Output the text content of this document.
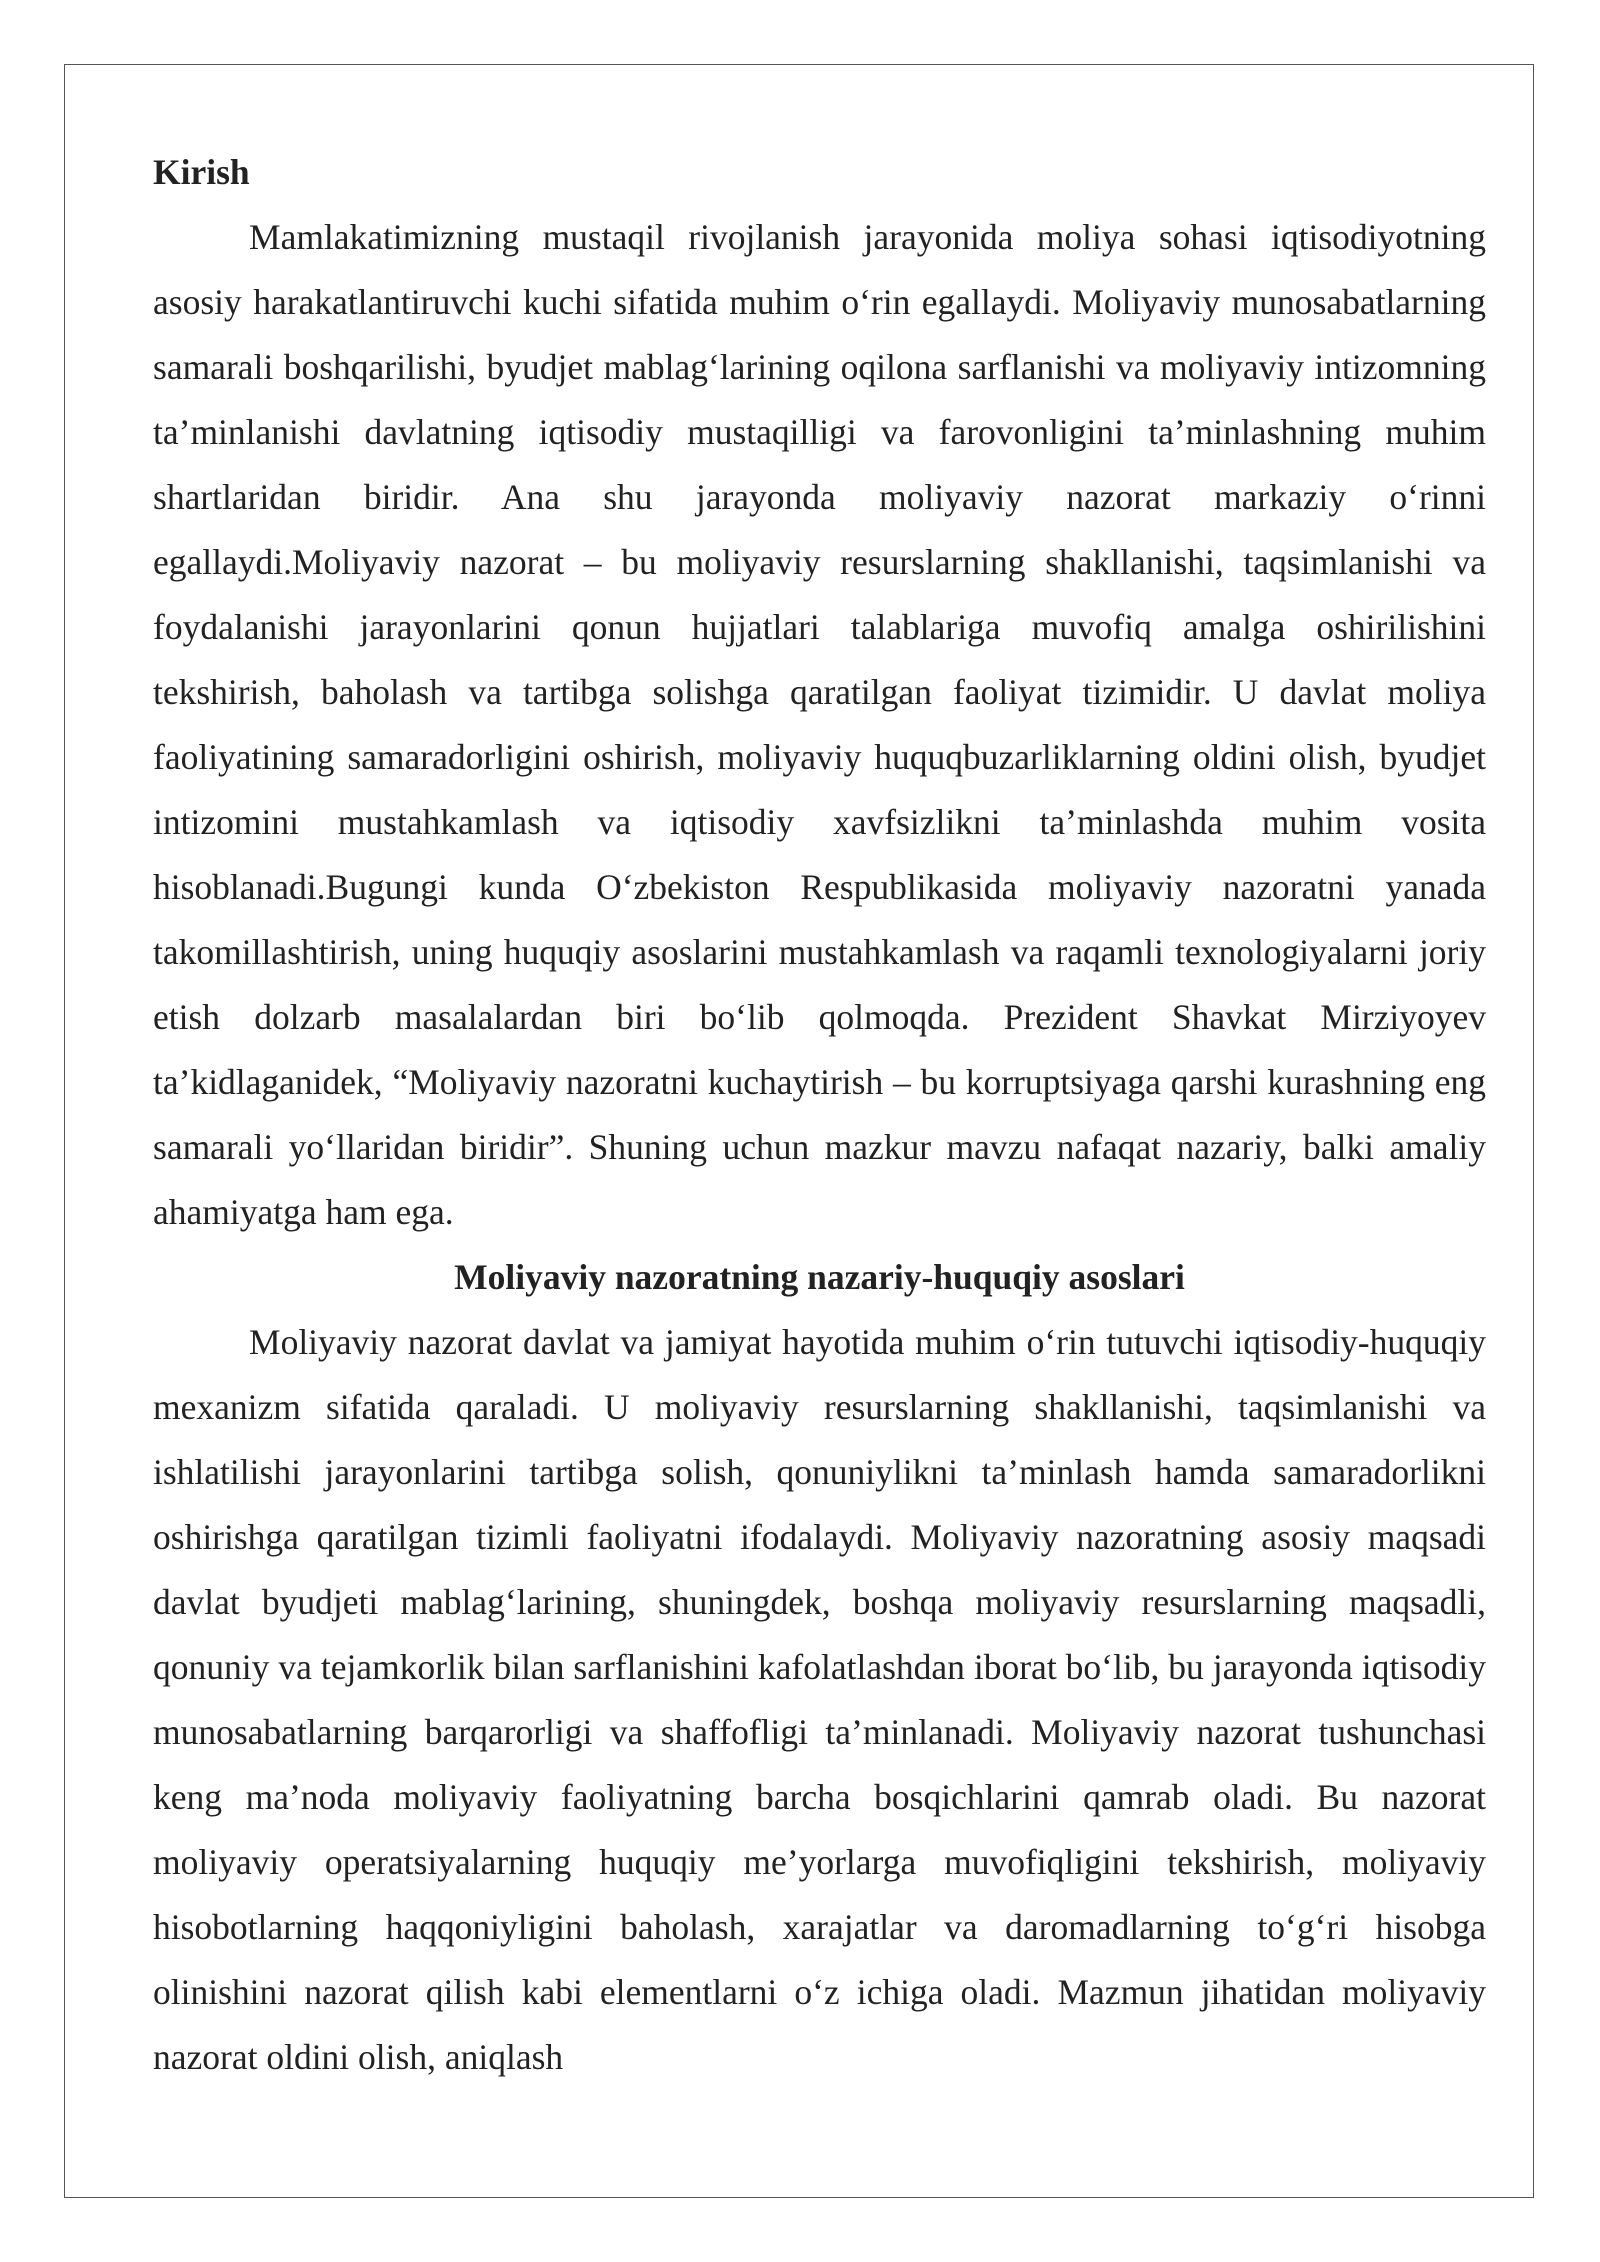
Kirish

Mamlakatimizning mustaqil rivojlanish jarayonida moliya sohasi iqtisodiyotning asosiy harakatlantiruvchi kuchi sifatida muhim o‘rin egallaydi. Moliyaviy munosabatlarning samarali boshqarilishi, byudjet mablag‘larining oqilona sarflanishi va moliyaviy intizomning ta’minlanishi davlatning iqtisodiy mustaqilligi va farovonligini ta’minlashning muhim shartlaridan biridir. Ana shu jarayonda moliyaviy nazorat markaziy o‘rinni egallaydi.Moliyaviy nazorat – bu moliyaviy resurslarning shakllanishi, taqsimlanishi va foydalanishi jarayonlarini qonun hujjatlari talablariga muvofiq amalga oshirilishini tekshirish, baholash va tartibga solishga qaratilgan faoliyat tizimidir. U davlat moliya faoliyatining samaradorligini oshirish, moliyaviy huquqbuzarliklarning oldini olish, byudjet intizomini mustahkamlash va iqtisodiy xavfsizlikni ta’minlashda muhim vosita hisoblanadi.Bugungi kunda O‘zbekiston Respublikasida moliyaviy nazoratni yanada takomillashtirish, uning huquqiy asoslarini mustahkamlash va raqamli texnologiyalarni joriy etish dolzarb masalalardan biri bo‘lib qolmoqda. Prezident Shavkat Mirziyoyev ta’kidlaganidek, “Moliyaviy nazoratni kuchaytirish – bu korruptsiyaga qarshi kurashning eng samarali yo‘llaridan biridir”. Shuning uchun mazkur mavzu nafaqat nazariy, balki amaliy ahamiyatga ham ega.

Moliyaviy nazoratning nazariy-huquqiy asoslari

Moliyaviy nazorat davlat va jamiyat hayotida muhim o‘rin tutuvchi iqtisodiy-huquqiy mexanizm sifatida qaraladi. U moliyaviy resurslarning shakllanishi, taqsimlanishi va ishlatilishi jarayonlarini tartibga solish, qonuniylikni ta’minlash hamda samaradorlikni oshirishga qaratilgan tizimli faoliyatni ifodalaydi. Moliyaviy nazoratning asosiy maqsadi davlat byudjeti mablag‘larining, shuningdek, boshqa moliyaviy resurslarning maqsadli, qonuniy va tejamkorlik bilan sarflanishini kafolatlashdan iborat bo‘lib, bu jarayonda iqtisodiy munosabatlarning barqarorligi va shaffofligi ta’minlanadi. Moliyaviy nazorat tushunchasi keng ma’noda moliyaviy faoliyatning barcha bosqichlarini qamrab oladi. Bu nazorat moliyaviy operatsiyalarning huquqiy me’yorlarga muvofiqligini tekshirish, moliyaviy hisobotlarning haqqoniyligini baholash, xarajatlar va daromadlarning to‘g‘ri hisobga olinishini nazorat qilish kabi elementlarni o‘z ichiga oladi. Mazmun jihatidan moliyaviy nazorat oldini olish, aniqlash
